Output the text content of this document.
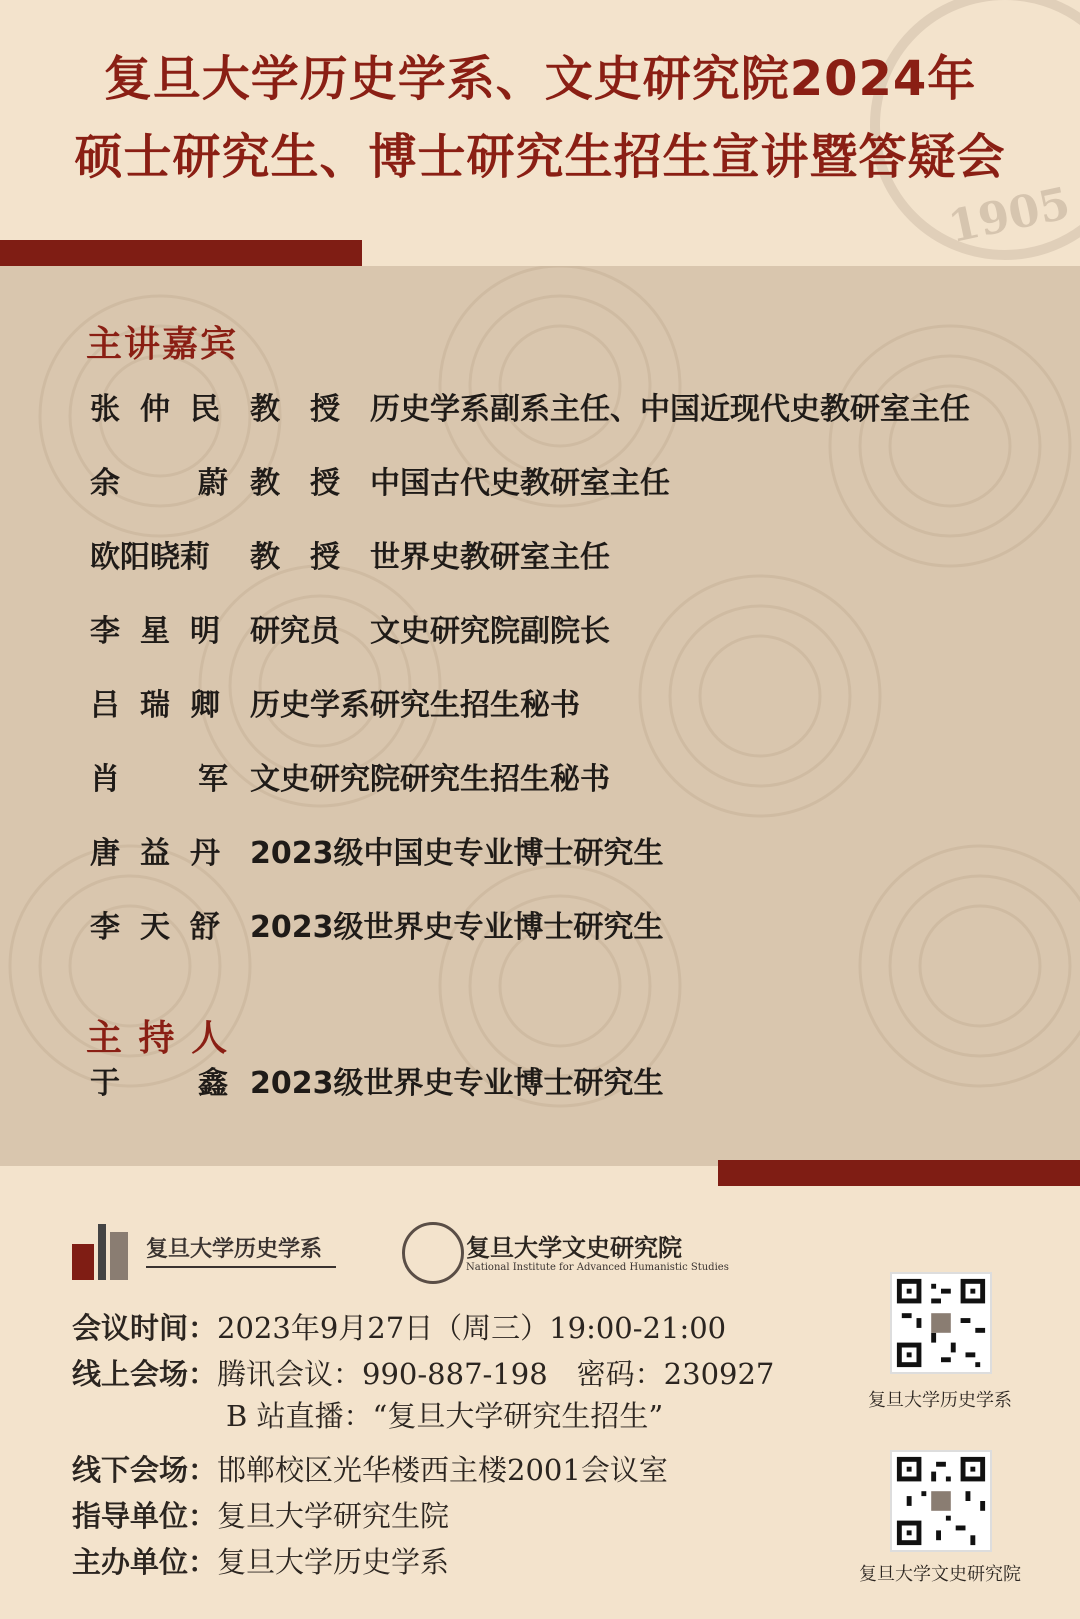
1905
复旦大学历史学系、文史研究院2024年
硕士研究生、博士研究生招生宣讲暨答疑会
主讲嘉宾
张仲民 教　授　历史学系副系主任、中国近现代史教研室主任
余蔚
教　授　中国古代史教研室主任
欧阳晓莉	教　授　世界史教研室主任
李星明 研究员　文史研究院副院长
吕瑞卿 历史学系研究生招生秘书
肖军
文史研究院研究生招生秘书
唐益丹 2023级中国史专业博士研究生
李天舒 2023级世界史专业博士研究生
主 持 人
于鑫
2023级世界史专业博士研究生
复旦大学历史学系	复旦大学文史研究院
National Institute for Advanced Humanistic Studies
会议时间：2023年9月27日（周三）19:00-21:00
线上会场：腾讯会议：990-887-198　密码：230927
B 站直播：“复旦大学研究生招生”
线下会场：邯郸校区光华楼西主楼2001会议室
指导单位：复旦大学研究生院
主办单位：复旦大学历史学系
复旦大学历史学系
复旦大学文史研究院
